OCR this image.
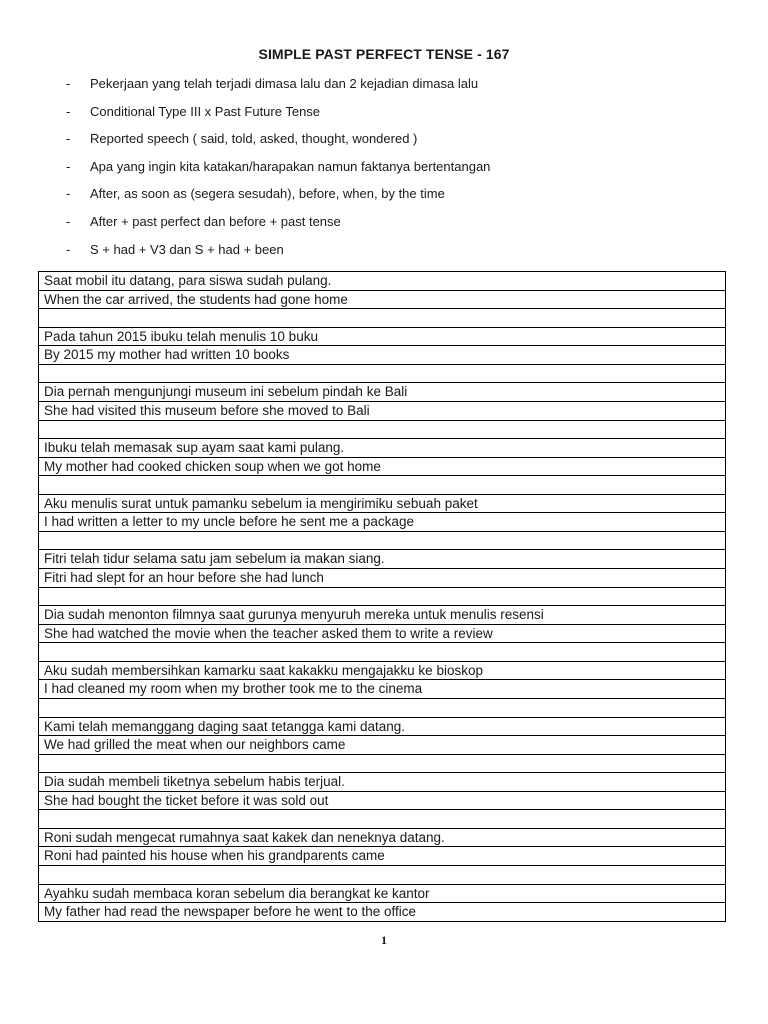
SIMPLE PAST PERFECT TENSE - 167
-	Pekerjaan yang telah terjadi dimasa lalu dan 2 kejadian dimasa lalu
-	Conditional Type III x Past Future Tense
-	Reported speech ( said, told, asked, thought, wondered )
-	Apa yang ingin kita katakan/harapakan namun faktanya bertentangan
-	After, as soon as (segera sesudah), before, when, by the time
-	After + past perfect dan before + past tense
-	S + had + V3 dan S + had + been
Saat mobil itu datang, para siswa sudah pulang.
When the car arrived, the students had gone home
Pada tahun 2015 ibuku telah menulis 10 buku
By 2015 my mother had written 10 books
Dia pernah mengunjungi museum ini sebelum pindah ke Bali
She had visited this museum before she moved to Bali
Ibuku telah memasak sup ayam saat kami pulang.
My mother had cooked chicken soup when we got home
Aku menulis surat untuk pamanku sebelum ia mengirimiku sebuah paket
I had written a letter to my uncle before he sent me a package
Fitri telah tidur selama satu jam sebelum ia makan siang.
Fitri had slept for an hour before she had lunch
Dia sudah menonton filmnya saat gurunya menyuruh mereka untuk menulis resensi
She had watched the movie when the teacher asked them to write a review
Aku sudah membersihkan kamarku saat kakakku mengajakku ke bioskop
I had cleaned my room when my brother took me to the cinema
Kami telah memanggang daging saat tetangga kami datang.
We had grilled the meat when our neighbors came
Dia sudah membeli tiketnya sebelum habis terjual.
She had bought the ticket before it was sold out
Roni sudah mengecat rumahnya saat kakek dan neneknya datang.
Roni had painted his house when his grandparents came
Ayahku sudah membaca koran sebelum dia berangkat ke kantor
My father had read the newspaper before he went to the office
1
